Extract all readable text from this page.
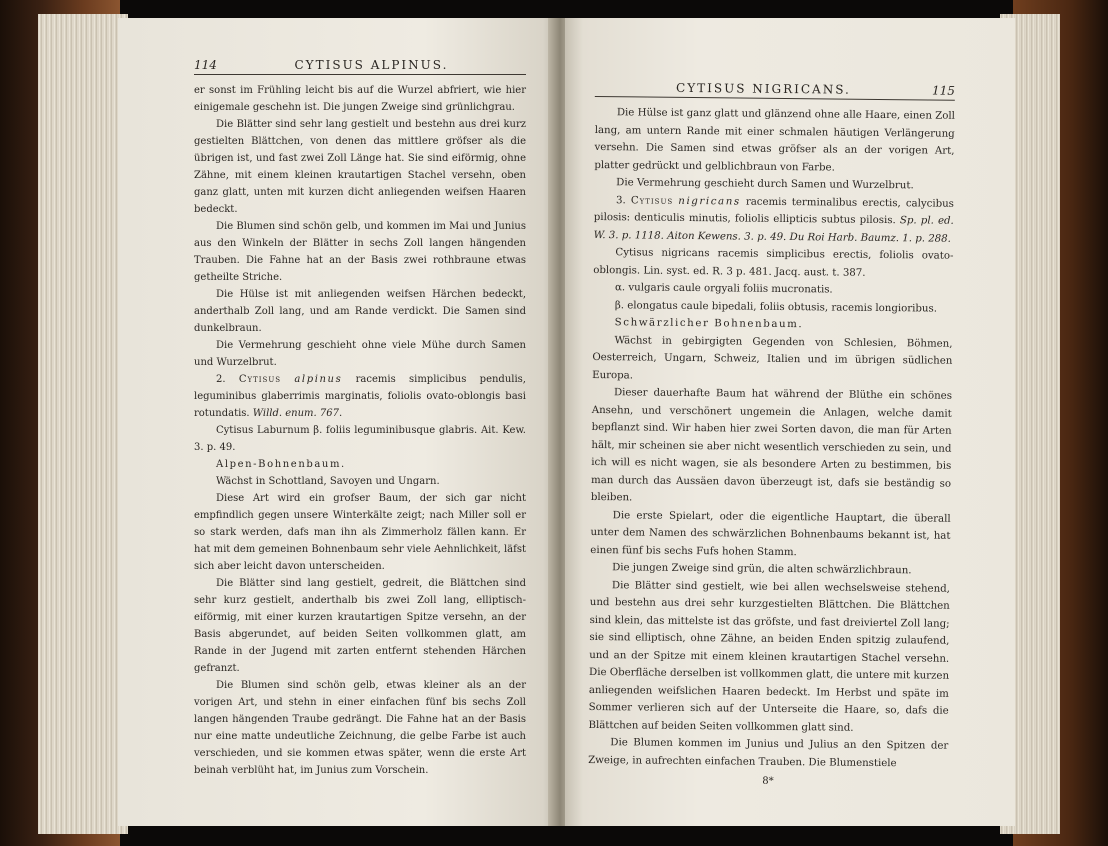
114	CYTISUS ALPINUS.

er sonst im Frühling leicht bis auf die Wurzel abfriert, wie hier einigemale geschehn ist. Die jungen Zweige sind grünlichgrau.

Die Blätter sind sehr lang gestielt und bestehn aus drei kurz gestielten Blättchen, von denen das mittlere gröfser als die übrigen ist, und fast zwei Zoll Länge hat. Sie sind eiförmig, ohne Zähne, mit einem kleinen krautartigen Stachel versehn, oben ganz glatt, unten mit kurzen dicht anliegenden weifsen Haaren bedeckt.

Die Blumen sind schön gelb, und kommen im Mai und Junius aus den Winkeln der Blätter in sechs Zoll langen hängenden Trauben. Die Fahne hat an der Basis zwei rothbraune etwas getheilte Striche.

Die Hülse ist mit anliegenden weifsen Härchen bedeckt, anderthalb Zoll lang, und am Rande verdickt. Die Samen sind dunkelbraun.

Die Vermehrung geschieht ohne viele Mühe durch Samen und Wurzelbrut.

2. Cytisus alpinus racemis simplicibus pendulis, leguminibus glaberrimis marginatis, foliolis ovato-oblongis basi rotundatis. Willd. enum. 767.

Cytisus Laburnum β. foliis leguminibusque glabris. Ait. Kew. 3. p. 49.

Alpen-Bohnenbaum.

Wächst in Schottland, Savoyen und Ungarn.

Diese Art wird ein grofser Baum, der sich gar nicht empfindlich gegen unsere Winterkälte zeigt; nach Miller soll er so stark werden, dafs man ihn als Zimmerholz fällen kann. Er hat mit dem gemeinen Bohnenbaum sehr viele Aehnlichkeit, läfst sich aber leicht davon unterscheiden.

Die Blätter sind lang gestielt, gedreit, die Blättchen sind sehr kurz gestielt, anderthalb bis zwei Zoll lang, elliptisch-eiförmig, mit einer kurzen krautartigen Spitze versehn, an der Basis abgerundet, auf beiden Seiten vollkommen glatt, am Rande in der Jugend mit zarten entfernt stehenden Härchen gefranzt.

Die Blumen sind schön gelb, etwas kleiner als an der vorigen Art, und stehn in einer einfachen fünf bis sechs Zoll langen hängenden Traube gedrängt. Die Fahne hat an der Basis nur eine matte undeutliche Zeichnung, die gelbe Farbe ist auch verschieden, und sie kommen etwas später, wenn die erste Art beinah verblüht hat, im Junius zum Vorschein.

CYTISUS NIGRICANS.	115

Die Hülse ist ganz glatt und glänzend ohne alle Haare, einen Zoll lang, am untern Rande mit einer schmalen häutigen Verlängerung versehn. Die Samen sind etwas gröfser als an der vorigen Art, platter gedrückt und gelblichbraun von Farbe.

Die Vermehrung geschieht durch Samen und Wurzelbrut.

3. Cytisus nigricans racemis terminalibus erectis, calycibus pilosis: denticulis minutis, foliolis ellipticis subtus pilosis. Sp. pl. ed. W. 3. p. 1118. Aiton Kewens. 3. p. 49. Du Roi Harb. Baumz. 1. p. 288.

Cytisus nigricans racemis simplicibus erectis, foliolis ovato-oblongis. Lin. syst. ed. R. 3 p. 481. Jacq. aust. t. 387.

α. vulgaris caule orgyali foliis mucronatis.

β. elongatus caule bipedali, foliis obtusis, racemis longioribus.

Schwärzlicher Bohnenbaum.

Wächst in gebirgigten Gegenden von Schlesien, Böhmen, Oesterreich, Ungarn, Schweiz, Italien und im übrigen südlichen Europa.

Dieser dauerhafte Baum hat während der Blüthe ein schönes Ansehn, und verschönert ungemein die Anlagen, welche damit bepflanzt sind. Wir haben hier zwei Sorten davon, die man für Arten hält, mir scheinen sie aber nicht wesentlich verschieden zu sein, und ich will es nicht wagen, sie als besondere Arten zu bestimmen, bis man durch das Aussäen davon überzeugt ist, dafs sie beständig so bleiben.

Die erste Spielart, oder die eigentliche Hauptart, die überall unter dem Namen des schwärzlichen Bohnenbaums bekannt ist, hat einen fünf bis sechs Fufs hohen Stamm.

Die jungen Zweige sind grün, die alten schwärzlichbraun.

Die Blätter sind gestielt, wie bei allen wechselsweise stehend, und bestehn aus drei sehr kurzgestielten Blättchen. Die Blättchen sind klein, das mittelste ist das gröfste, und fast dreiviertel Zoll lang; sie sind elliptisch, ohne Zähne, an beiden Enden spitzig zulaufend, und an der Spitze mit einem kleinen krautartigen Stachel versehn. Die Oberfläche derselben ist vollkommen glatt, die untere mit kurzen anliegenden weifslichen Haaren bedeckt. Im Herbst und späte im Sommer verlieren sich auf der Unterseite die Haare, so, dafs die Blättchen auf beiden Seiten vollkommen glatt sind.

Die Blumen kommen im Junius und Julius an den Spitzen der Zweige, in aufrechten einfachen Trauben. Die Blumenstiele

8*
